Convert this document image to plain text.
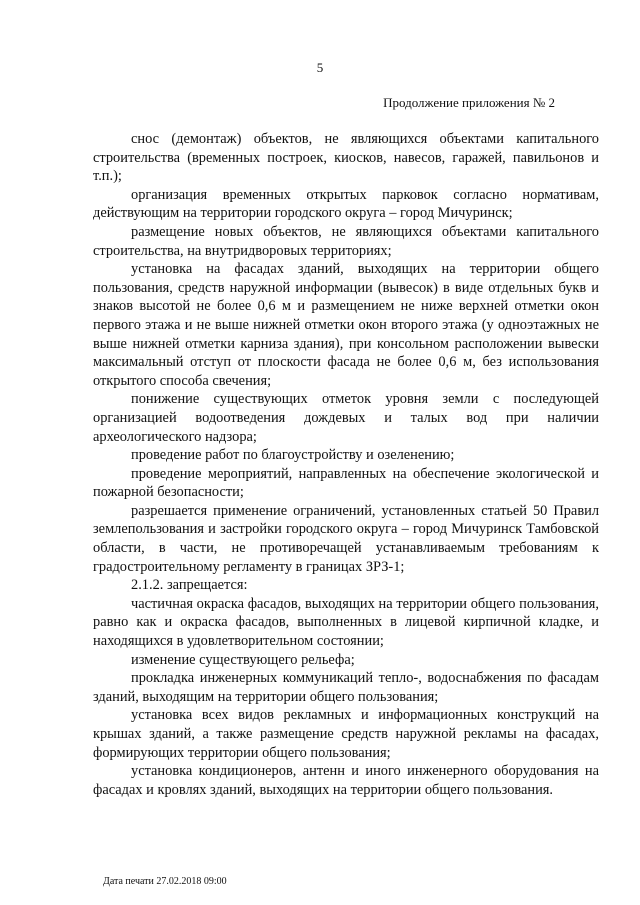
5
Продолжение приложения № 2

снос (демонтаж) объектов, не являющихся объектами капитального строительства (временных построек, киосков, навесов, гаражей, павильонов и т.п.);

организация временных открытых парковок согласно нормативам, действующим на территории городского округа – город Мичуринск;

размещение новых объектов, не являющихся объектами капитального строительства, на внутридворовых территориях;

установка на фасадах зданий, выходящих на территории общего пользования, средств наружной информации (вывесок) в виде отдельных букв и знаков высотой не более 0,6 м и размещением не ниже верхней отметки окон первого этажа и не выше нижней отметки окон второго этажа (у одноэтажных не выше нижней отметки карниза здания), при консольном расположении вывески максимальный отступ от плоскости фасада не более 0,6 м, без использования открытого способа свечения;

понижение существующих отметок уровня земли с последующей организацией водоотведения дождевых и талых вод при наличии археологического надзора;

проведение работ по благоустройству и озеленению;

проведение мероприятий, направленных на обеспечение экологической и пожарной безопасности;

разрешается применение ограничений, установленных статьей 50 Правил землепользования и застройки городского округа – город Мичуринск Тамбовской области, в части, не противоречащей устанавливаемым требованиям к градостроительному регламенту в границах ЗРЗ-1;

2.1.2. запрещается:

частичная окраска фасадов, выходящих на территории общего пользования, равно как и окраска фасадов, выполненных в лицевой кирпичной кладке, и находящихся в удовлетворительном состоянии;

изменение существующего рельефа;

прокладка инженерных коммуникаций тепло-, водоснабжения по фасадам зданий, выходящим на территории общего пользования;

установка всех видов рекламных и информационных конструкций на крышах зданий, а также размещение средств наружной рекламы на фасадах, формирующих территории общего пользования;

установка кондиционеров, антенн и иного инженерного оборудования на фасадах и кровлях зданий, выходящих на территории общего пользования.

Дата печати 27.02.2018 09:00
